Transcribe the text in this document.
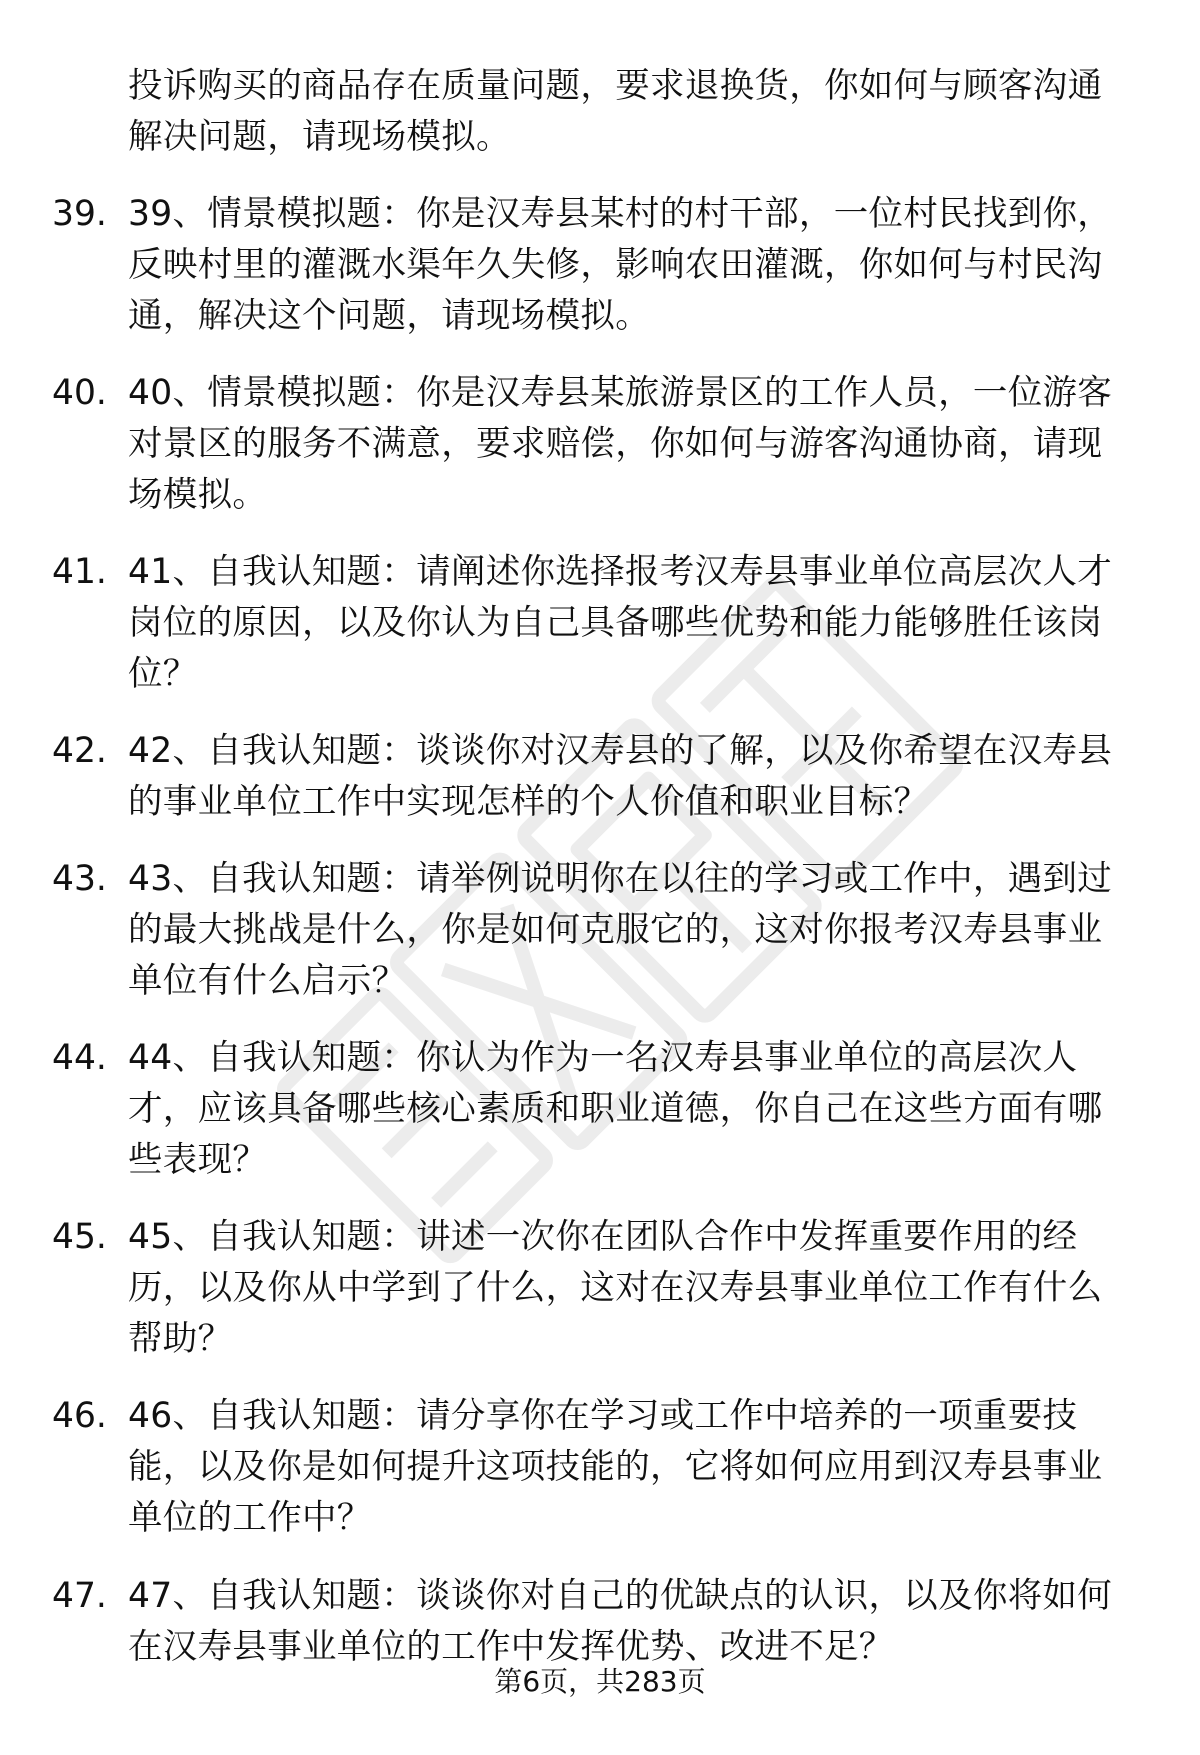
投诉购买的商品存在质量问题，要求退换货，你如何与顾客沟通
解决问题，请现场模拟。
39. 39、情景模拟题：你是汉寿县某村的村干部，一位村民找到你，
反映村里的灌溉水渠年久失修，影响农田灌溉，你如何与村民沟
通，解决这个问题，请现场模拟。
40. 40、情景模拟题：你是汉寿县某旅游景区的工作人员，一位游客
对景区的服务不满意，要求赔偿，你如何与游客沟通协商，请现
场模拟。
41. 41、自我认知题：请阐述你选择报考汉寿县事业单位高层次人才
岗位的原因，以及你认为自己具备哪些优势和能力能够胜任该岗
位？
42. 42、自我认知题：谈谈你对汉寿县的了解，以及你希望在汉寿县
的事业单位工作中实现怎样的个人价值和职业目标？
43. 43、自我认知题：请举例说明你在以往的学习或工作中，遇到过
的最大挑战是什么，你是如何克服它的，这对你报考汉寿县事业
单位有什么启示？
44. 44、自我认知题：你认为作为一名汉寿县事业单位的高层次人
才，应该具备哪些核心素质和职业道德，你自己在这些方面有哪
些表现？
45. 45、自我认知题：讲述一次你在团队合作中发挥重要作用的经
历，以及你从中学到了什么，这对在汉寿县事业单位工作有什么
帮助？
46. 46、自我认知题：请分享你在学习或工作中培养的一项重要技
能，以及你是如何提升这项技能的，它将如何应用到汉寿县事业
单位的工作中？
47. 47、自我认知题：谈谈你对自己的优缺点的认识，以及你将如何
在汉寿县事业单位的工作中发挥优势、改进不足？
第6页，共283页
